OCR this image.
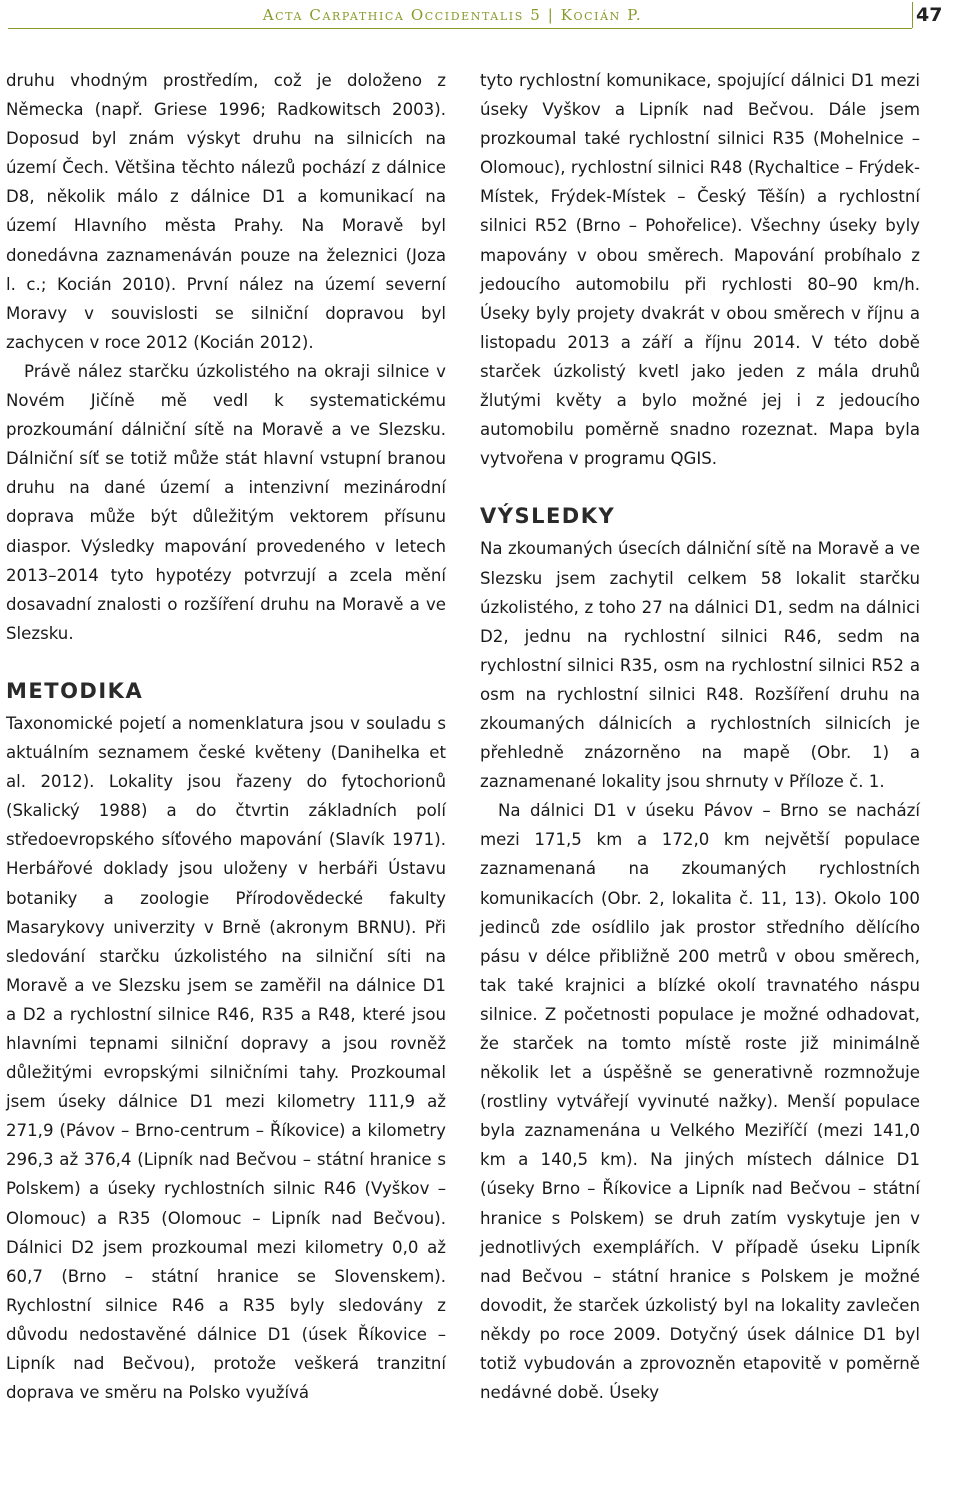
Acta Carpathica Occidentalis 5 | Kocián P.	47

druhu vhodným prostředím, což je doloženo z Německa (např. Griese 1996; Radkowitsch 2003). Doposud byl znám výskyt druhu na silnicích na území Čech. Většina těchto nálezů pochází z dálnice D8, několik málo z dálnice D1 a komunikací na území Hlavního města Prahy. Na Moravě byl donedávna zaznamenáván pouze na železnici (Joza l. c.; Kocián 2010). První nález na území severní Moravy v souvislosti se silniční dopravou byl zachycen v roce 2012 (Kocián 2012).

Právě nález starčku úzkolistého na okraji silnice v Novém Jičíně mě vedl k systematickému prozkoumání dálniční sítě na Moravě a ve Slezsku. Dálniční síť se totiž může stát hlavní vstupní branou druhu na dané území a intenzivní mezinárodní doprava může být důležitým vektorem přísunu diaspor. Výsledky mapování provedeného v letech 2013–2014 tyto hypotézy potvrzují a zcela mění dosavadní znalosti o rozšíření druhu na Moravě a ve Slezsku.

METODIKA

Taxonomické pojetí a nomenklatura jsou v souladu s aktuálním seznamem české květeny (Danihelka et al. 2012). Lokality jsou řazeny do fytochorionů (Skalický 1988) a do čtvrtin základních polí středoevropského síťového mapování (Slavík 1971). Herbářové doklady jsou uloženy v herbáři Ústavu botaniky a zoologie Přírodovědecké fakulty Masarykovy univerzity v Brně (akronym BRNU). Při sledování starčku úzkolistého na silniční síti na Moravě a ve Slezsku jsem se zaměřil na dálnice D1 a D2 a rychlostní silnice R46, R35 a R48, které jsou hlavními tepnami silniční dopravy a jsou rovněž důležitými evropskými silničními tahy. Prozkoumal jsem úseky dálnice D1 mezi kilometry 111,9 až 271,9 (Pávov – Brno-centrum – Říkovice) a kilometry 296,3 až 376,4 (Lipník nad Bečvou – státní hranice s Polskem) a úseky rychlostních silnic R46 (Vyškov – Olomouc) a R35 (Olomouc – Lipník nad Bečvou). Dálnici D2 jsem prozkoumal mezi kilometry 0,0 až 60,7 (Brno – státní hranice se Slovenskem). Rychlostní silnice R46 a R35 byly sledovány z důvodu nedostavěné dálnice D1 (úsek Říkovice – Lipník nad Bečvou), protože veškerá tranzitní doprava ve směru na Polsko využívá

tyto rychlostní komunikace, spojující dálnici D1 mezi úseky Vyškov a Lipník nad Bečvou. Dále jsem prozkoumal také rychlostní silnici R35 (Mohelnice – Olomouc), rychlostní silnici R48 (Rychaltice – Frýdek-Místek, Frýdek-Místek – Český Těšín) a rychlostní silnici R52 (Brno – Pohořelice). Všechny úseky byly mapovány v obou směrech. Mapování probíhalo z jedoucího automobilu při rychlosti 80–90 km/h. Úseky byly projety dvakrát v obou směrech v říjnu a listopadu 2013 a září a říjnu 2014. V této době starček úzkolistý kvetl jako jeden z mála druhů žlutými květy a bylo možné jej i z jedoucího automobilu poměrně snadno rozeznat. Mapa byla vytvořena v programu QGIS.

VÝSLEDKY

Na zkoumaných úsecích dálniční sítě na Moravě a ve Slezsku jsem zachytil celkem 58 lokalit starčku úzkolistého, z toho 27 na dálnici D1, sedm na dálnici D2, jednu na rychlostní silnici R46, sedm na rychlostní silnici R35, osm na rychlostní silnici R52 a osm na rychlostní silnici R48. Rozšíření druhu na zkoumaných dálnicích a rychlostních silnicích je přehledně znázorněno na mapě (Obr. 1) a zaznamenané lokality jsou shrnuty v Příloze č. 1.

Na dálnici D1 v úseku Pávov – Brno se nachází mezi 171,5 km a 172,0 km největší populace zaznamenaná na zkoumaných rychlostních komunikacích (Obr. 2, lokalita č. 11, 13). Okolo 100 jedinců zde osídlilo jak prostor středního dělícího pásu v délce přibližně 200 metrů v obou směrech, tak také krajnici a blízké okolí travnatého náspu silnice. Z početnosti populace je možné odhadovat, že starček na tomto místě roste již minimálně několik let a úspěšně se generativně rozmnožuje (rostliny vytvářejí vyvinuté nažky). Menší populace byla zaznamenána u Velkého Meziříčí (mezi 141,0 km a 140,5 km). Na jiných místech dálnice D1 (úseky Brno – Říkovice a Lipník nad Bečvou – státní hranice s Polskem) se druh zatím vyskytuje jen v jednotlivých exemplářích. V případě úseku Lipník nad Bečvou – státní hranice s Polskem je možné dovodit, že starček úzkolistý byl na lokality zavlečen někdy po roce 2009. Dotyčný úsek dálnice D1 byl totiž vybudován a zprovozněn etapovitě v poměrně nedávné době. Úseky
